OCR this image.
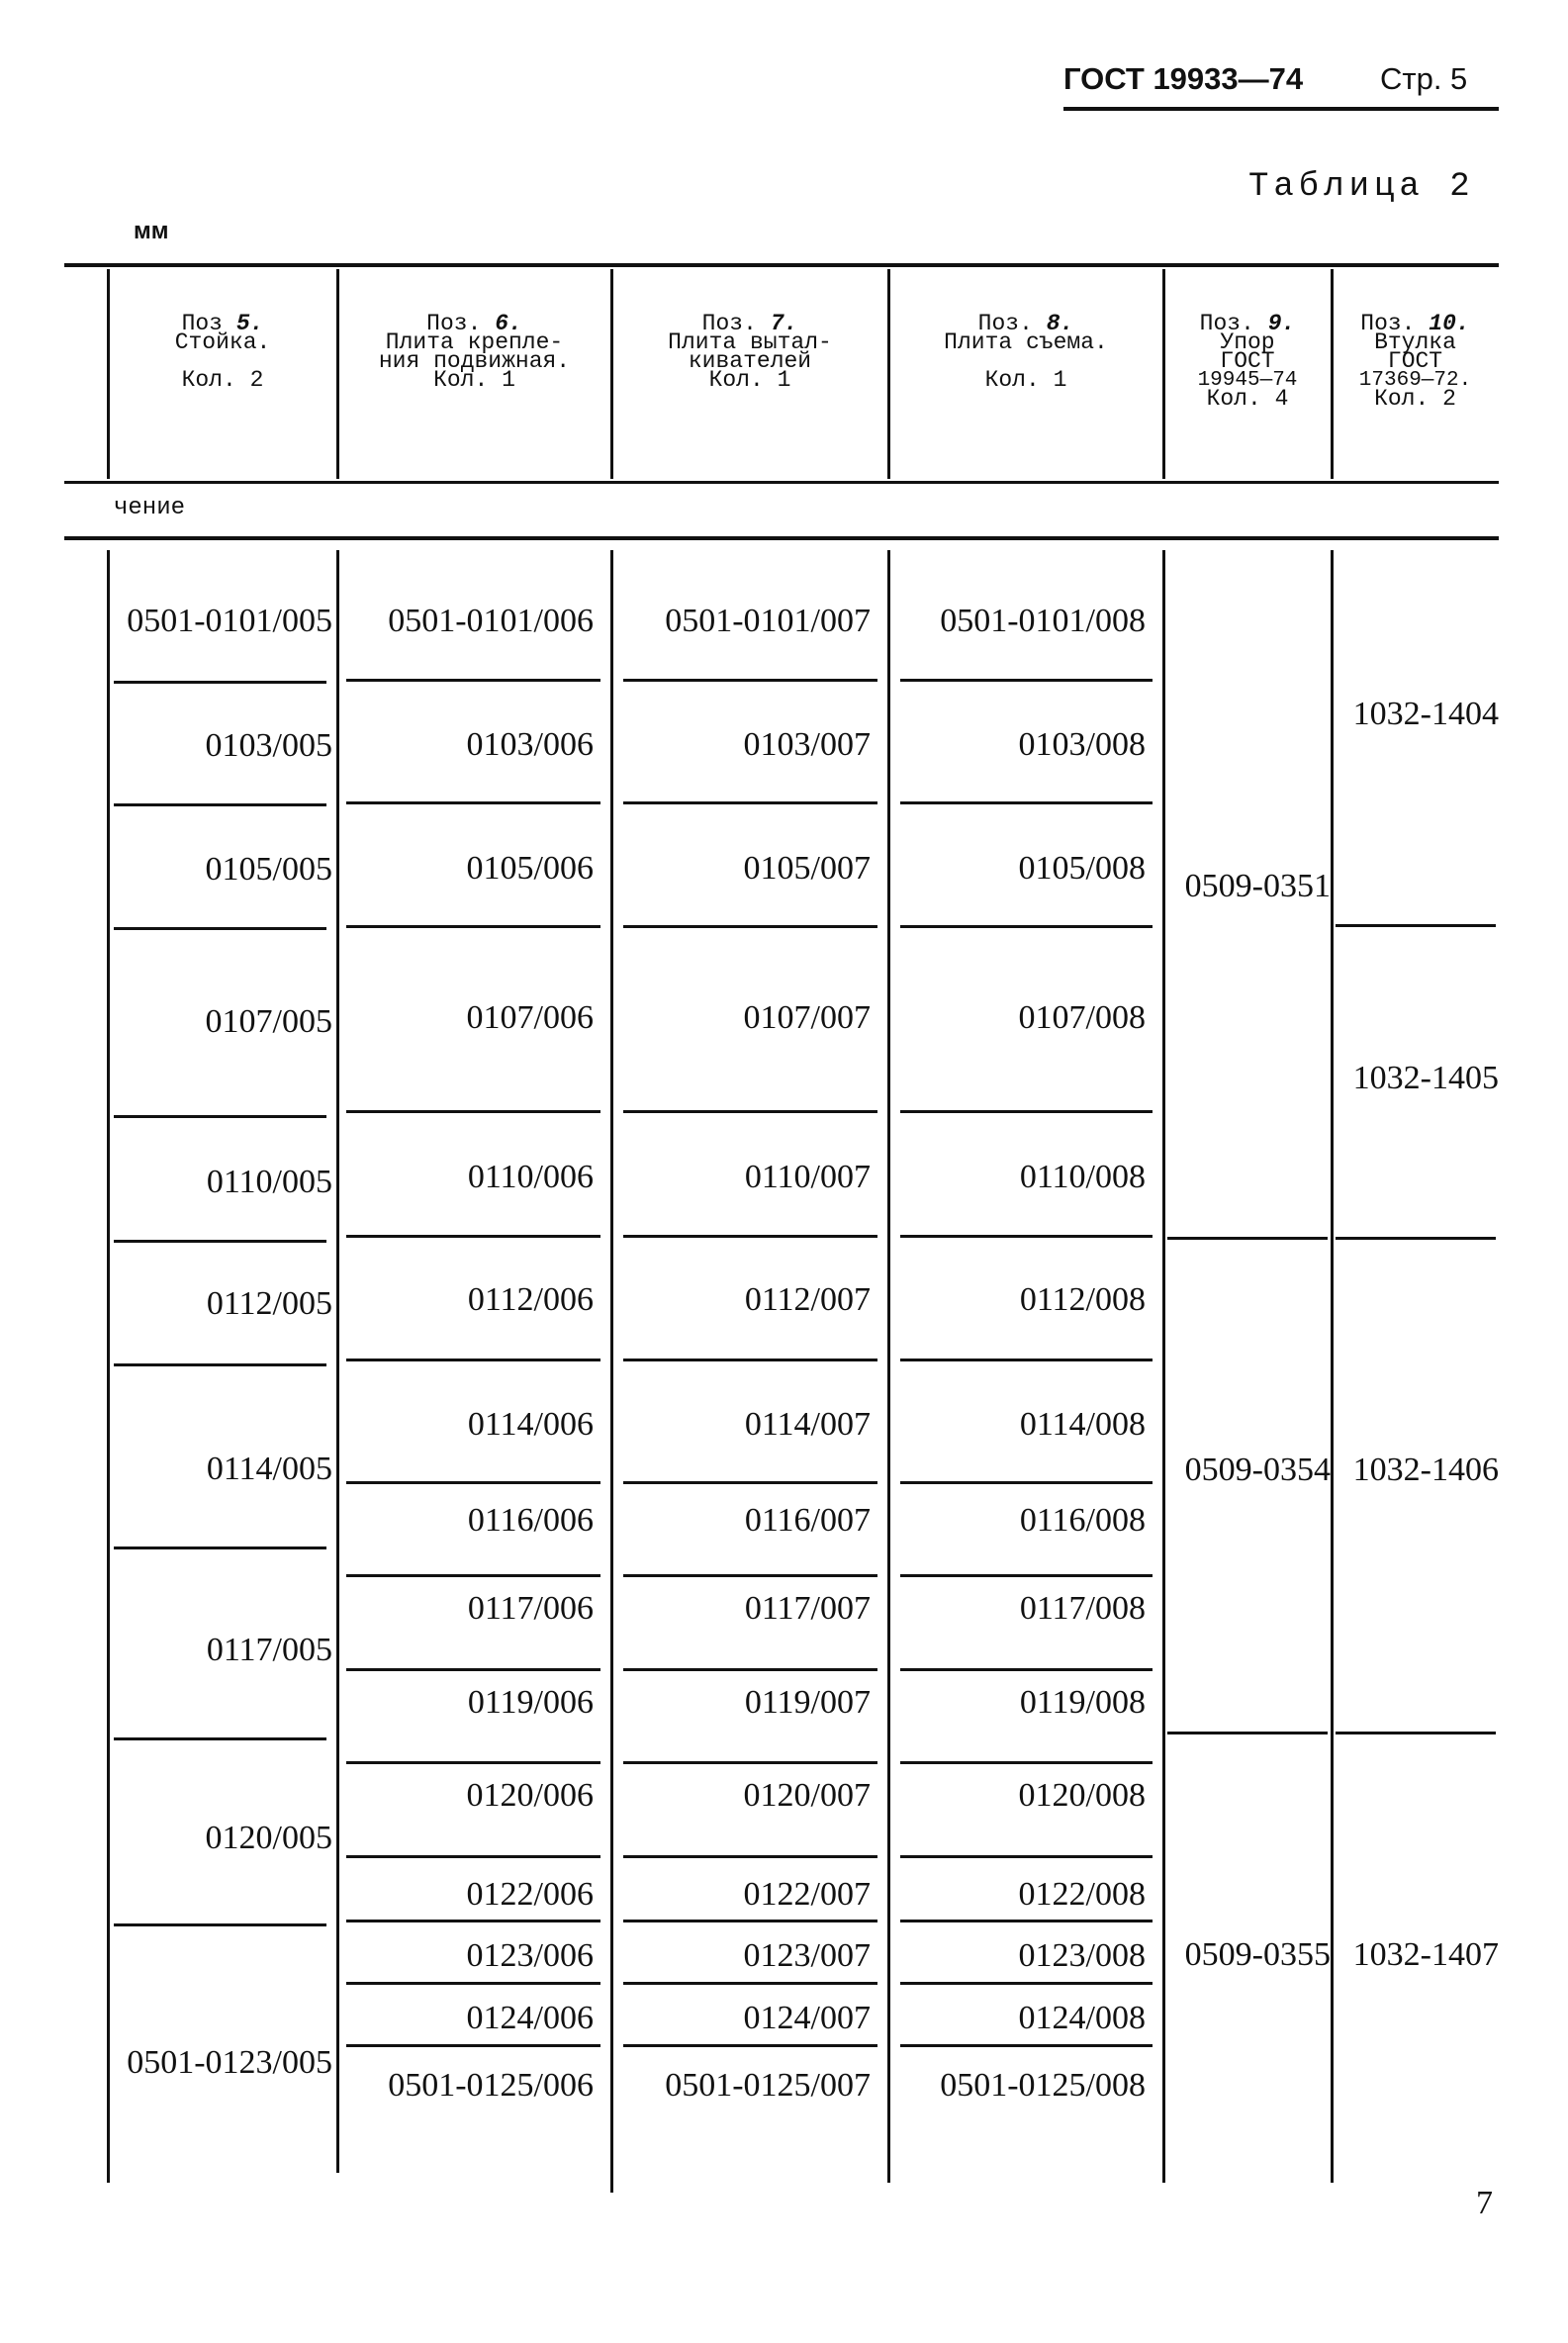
ГОСТ 19933—74	Стр. 5
Таблица 2
мм
Поз 5.
Стойка.

Кол. 2
Поз. 6.
Плита крепле-
ния подвижная.
Кол. 1
Поз. 7.
Плита вытал-
кивателей
Кол. 1
Поз. 8.
Плита съема.

Кол. 1
Поз. 9.
Упор
ГОСТ
19945—74
Кол. 4
Поз. 10.
Втулка
ГОСТ
17369—72.
Кол. 2
чение
0501-0101/005
0103/005
0105/005
0107/005
0110/005
0112/005
0114/005
0117/005
0120/005
0501-0123/005
0501-0101/006
0103/006
0105/006
0107/006
0110/006
0112/006
0114/006
0116/006
0117/006
0119/006
0120/006
0122/006
0123/006
0124/006
0501-0125/006
0501-0101/007
0103/007
0105/007
0107/007
0110/007
0112/007
0114/007
0116/007
0117/007
0119/007
0120/007
0122/007
0123/007
0124/007
0501-0125/007
0501-0101/008
0103/008
0105/008
0107/008
0110/008
0112/008
0114/008
0116/008
0117/008
0119/008
0120/008
0122/008
0123/008
0124/008
0501-0125/008
0509-0351
0509-0354
0509-0355
1032-1404
1032-1405
1032-1406
1032-1407
7
